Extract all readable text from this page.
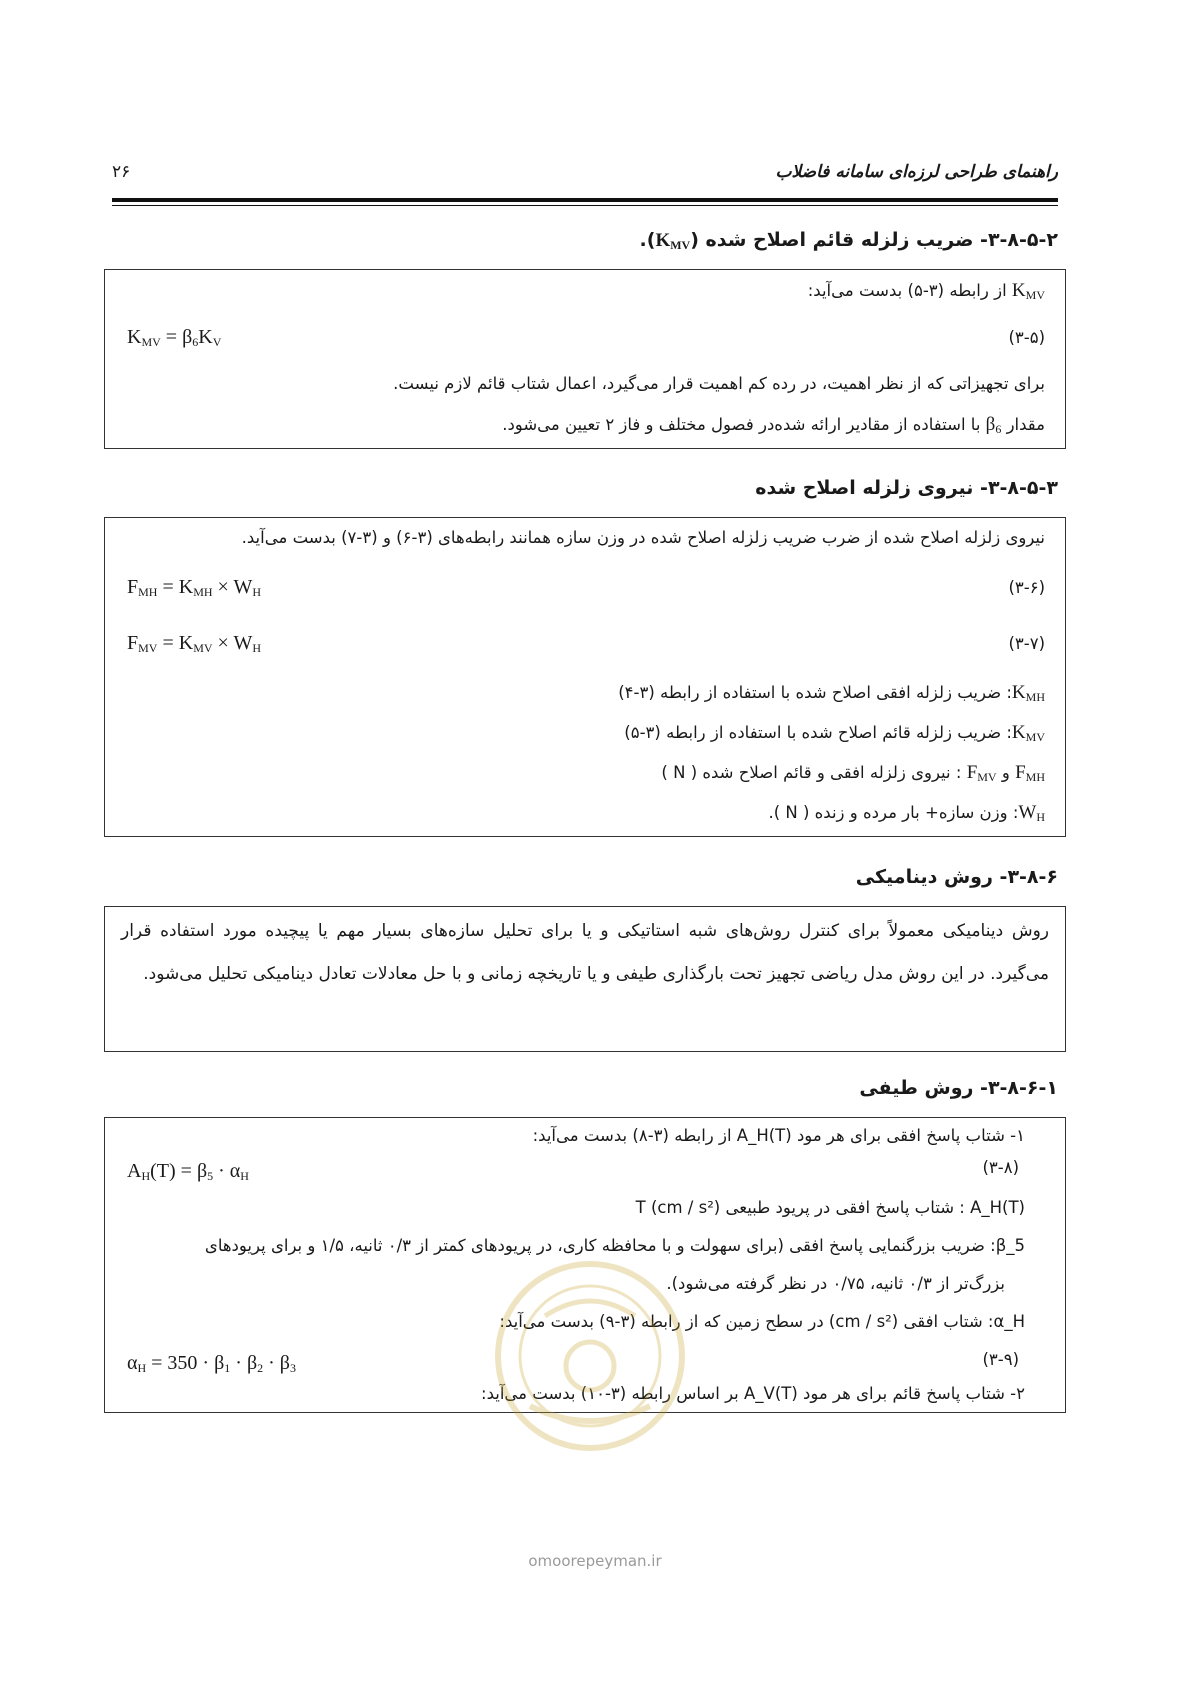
راهنمای طراحی لرزه‌ای سامانه فاضلاب
۲۶
۳-۸-۵-۲- ضریب زلزله قائم اصلاح شده $(K_{MV})$.
$K_{MV}$ از رابطه (۳-۵) بدست می‌آید:
$K_{MV} = \beta_6K_V$	(۳-۵)
برای تجهیزاتی که از نظر اهمیت، در رده کم اهمیت قرار می‌گیرد، اعمال شتاب قائم لازم نیست.
مقدار $\beta_6$ با استفاده از مقادیر ارائه شده‌در فصول مختلف و فاز ۲ تعیین می‌شود.
۳-۸-۵-۳- نیروی زلزله اصلاح شده
نیروی زلزله اصلاح شده از ضرب ضریب زلزله اصلاح شده در وزن سازه همانند رابطه‌های (۳-۶) و (۳-۷) بدست می‌آید.
$F_{MH} = K_{MH} \times W_H$	(۳-۶)
$F_{MV} = K_{MV} \times W_H$	(۳-۷)
$K_{MH}$: ضریب زلزله افقی اصلاح شده با استفاده از رابطه (۳-۴)
$K_{MV}$: ضریب زلزله قائم اصلاح شده با استفاده از رابطه (۳-۵)
$F_{MH}$ و $F_{MV}$ : نیروی زلزله افقی و قائم اصلاح شده ( N )
$W_H$: وزن سازه+ بار مرده و زنده ( N ).
۳-۸-۶- روش دینامیکی
روش دینامیکی معمولاً برای کنترل روش‌های شبه استاتیکی و یا برای تحلیل سازه‌های بسیار مهم یا پیچیده مورد استفاده قرار می‌گیرد. در این روش مدل ریاضی تجهیز تحت بارگذاری طیفی و یا تاریخچه زمانی و با حل معادلات تعادل دینامیکی تحلیل می‌شود.
۳-۸-۶-۱- روش طیفی
۱- شتاب پاسخ افقی برای هر مود A_H(T) از رابطه (۳-۸) بدست می‌آید:
$A_H(T) = \beta_5 \cdot \alpha_H$	(۳-۸)
A_H(T) : شتاب پاسخ افقی در پریود طبیعی T (cm / s²)
β_5: ضریب بزرگنمایی پاسخ افقی (برای سهولت و با محافظه کاری، در پریودهای کمتر از ۰/۳ ثانیه، ۱/۵ و برای پریودهای
بزرگ‌تر از ۰/۳ ثانیه، ۰/۷۵ در نظر گرفته می‌شود).
α_H: شتاب افقی (cm / s²) در سطح زمین که از رابطه (۳-۹) بدست می‌آید:
$\alpha_H = 350 \cdot \beta_1 \cdot \beta_2 \cdot \beta_3$	(۳-۹)
۲- شتاب پاسخ قائم برای هر مود A_V(T) بر اساس رابطه (۳-۱۰) بدست می‌آید:
omoorepeyman.ir
